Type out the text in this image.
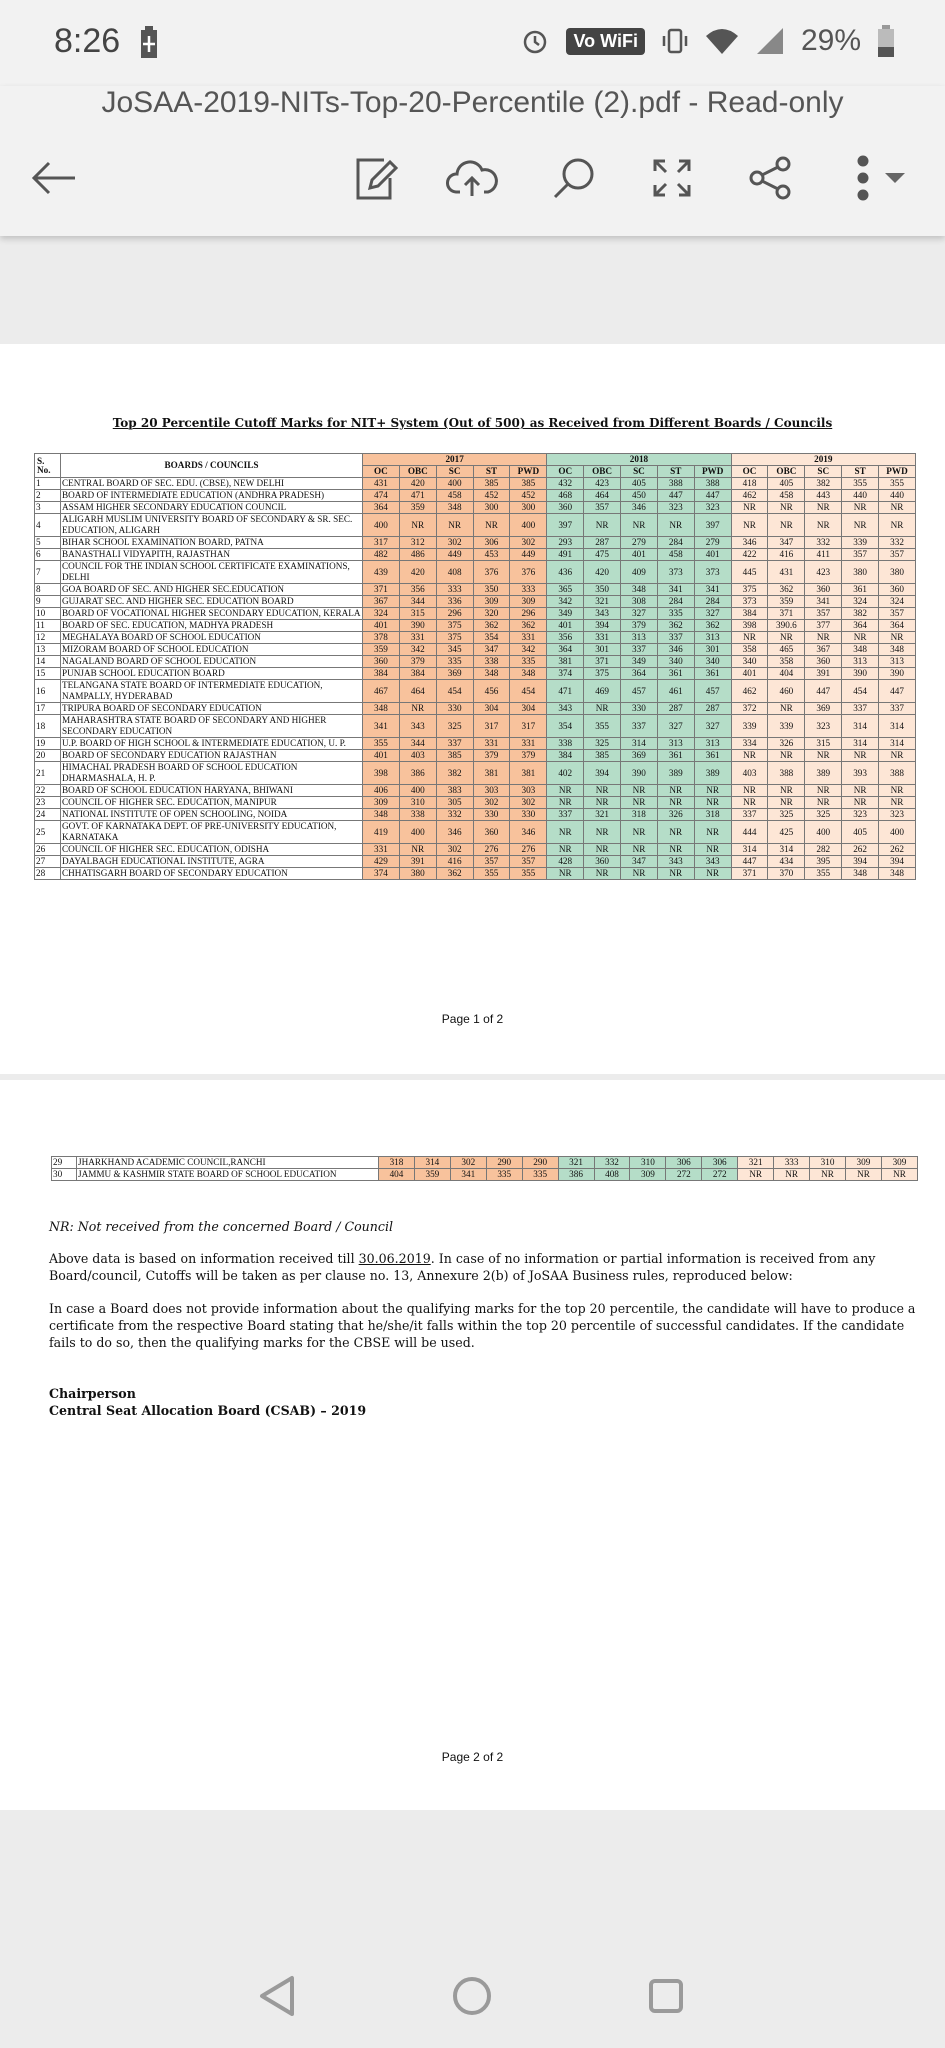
8:26	Vo WiFi	29%
JoSAA-2019-NITs-Top-20-Percentile (2).pdf - Read-only
Top 20 Percentile Cutoff Marks for NIT+ System (Out of 500) as Received from Different Boards / Councils
S. No.	BOARDS / COUNCILS	2017					2018					2019				
		OC	OBC	SC	ST	PWD	OC	OBC	SC	ST	PWD	OC	OBC	SC	ST	PWD
1	CENTRAL BOARD OF SEC. EDU. (CBSE), NEW DELHI	431	420	400	385	385	432	423	405	388	388	418	405	382	355	355
2	BOARD OF INTERMEDIATE EDUCATION (ANDHRA PRADESH)	474	471	458	452	452	468	464	450	447	447	462	458	443	440	440
3	ASSAM HIGHER SECONDARY EDUCATION COUNCIL	364	359	348	300	300	360	357	346	323	323	NR	NR	NR	NR	NR
4	ALIGARH MUSLIM UNIVERSITY BOARD OF SECONDARY & SR. SEC. EDUCATION, ALIGARH	400	NR	NR	NR	400	397	NR	NR	NR	397	NR	NR	NR	NR	NR
5	BIHAR SCHOOL EXAMINATION BOARD, PATNA	317	312	302	306	302	293	287	279	284	279	346	347	332	339	332
6	BANASTHALI VIDYAPITH, RAJASTHAN	482	486	449	453	449	491	475	401	458	401	422	416	411	357	357
7	COUNCIL FOR THE INDIAN SCHOOL CERTIFICATE EXAMINATIONS, DELHI	439	420	408	376	376	436	420	409	373	373	445	431	423	380	380
8	GOA BOARD OF SEC. AND HIGHER SEC.EDUCATION	371	356	333	350	333	365	350	348	341	341	375	362	360	361	360
9	GUJARAT SEC. AND HIGHER SEC. EDUCATION BOARD	367	344	336	309	309	342	321	308	284	284	373	359	341	324	324
10	BOARD OF VOCATIONAL HIGHER SECONDARY EDUCATION, KERALA	324	315	296	320	296	349	343	327	335	327	384	371	357	382	357
11	BOARD OF SEC. EDUCATION, MADHYA PRADESH	401	390	375	362	362	401	394	379	362	362	398	390.6	377	364	364
12	MEGHALAYA BOARD OF SCHOOL EDUCATION	378	331	375	354	331	356	331	313	337	313	NR	NR	NR	NR	NR
13	MIZORAM BOARD OF SCHOOL EDUCATION	359	342	345	347	342	364	301	337	346	301	358	465	367	348	348
14	NAGALAND BOARD OF SCHOOL EDUCATION	360	379	335	338	335	381	371	349	340	340	340	358	360	313	313
15	PUNJAB SCHOOL EDUCATION BOARD	384	384	369	348	348	374	375	364	361	361	401	404	391	390	390
16	TELANGANA STATE BOARD OF INTERMEDIATE EDUCATION, NAMPALLY, HYDERABAD	467	464	454	456	454	471	469	457	461	457	462	460	447	454	447
17	TRIPURA BOARD OF SECONDARY EDUCATION	348	NR	330	304	304	343	NR	330	287	287	372	NR	369	337	337
18	MAHARASHTRA STATE BOARD OF SECONDARY AND HIGHER SECONDARY EDUCATION	341	343	325	317	317	354	355	337	327	327	339	339	323	314	314
19	U.P. BOARD OF HIGH SCHOOL & INTERMEDIATE EDUCATION, U. P.	355	344	337	331	331	338	325	314	313	313	334	326	315	314	314
20	BOARD OF SECONDARY EDUCATION RAJASTHAN	401	403	385	379	379	384	385	369	361	361	NR	NR	NR	NR	NR
21	HIMACHAL PRADESH BOARD OF SCHOOL EDUCATION DHARMASHALA, H. P.	398	386	382	381	381	402	394	390	389	389	403	388	389	393	388
22	BOARD OF SCHOOL EDUCATION HARYANA, BHIWANI	406	400	383	303	303	NR	NR	NR	NR	NR	NR	NR	NR	NR	NR
23	COUNCIL OF HIGHER SEC. EDUCATION, MANIPUR	309	310	305	302	302	NR	NR	NR	NR	NR	NR	NR	NR	NR	NR
24	NATIONAL INSTITUTE OF OPEN SCHOOLING, NOIDA	348	338	332	330	330	337	321	318	326	318	337	325	325	323	323
25	GOVT. OF KARNATAKA DEPT. OF PRE-UNIVERSITY EDUCATION, KARNATAKA	419	400	346	360	346	NR	NR	NR	NR	NR	444	425	400	405	400
26	COUNCIL OF HIGHER SEC. EDUCATION, ODISHA	331	NR	302	276	276	NR	NR	NR	NR	NR	314	314	282	262	262
27	DAYALBAGH EDUCATIONAL INSTITUTE, AGRA	429	391	416	357	357	428	360	347	343	343	447	434	395	394	394
28	CHHATISGARH BOARD OF SECONDARY EDUCATION	374	380	362	355	355	NR	NR	NR	NR	NR	371	370	355	348	348
Page 1 of 2
29	JHARKHAND ACADEMIC COUNCIL,RANCHI	318	314	302	290	290	321	332	310	306	306	321	333	310	309	309
30	JAMMU & KASHMIR STATE BOARD OF SCHOOL EDUCATION	404	359	341	335	335	386	408	309	272	272	NR	NR	NR	NR	NR
NR: Not received from the concerned Board / Council
Above data is based on information received till 30.06.2019. In case of no information or partial information is received from any Board/council, Cutoffs will be taken as per clause no. 13, Annexure 2(b) of JoSAA Business rules, reproduced below:
In case a Board does not provide information about the qualifying marks for the top 20 percentile, the candidate will have to produce a certificate from the respective Board stating that he/she/it falls within the top 20 percentile of successful candidates. If the candidate fails to do so, then the qualifying marks for the CBSE will be used.
Chairperson
Central Seat Allocation Board (CSAB) – 2019
Page 2 of 2
